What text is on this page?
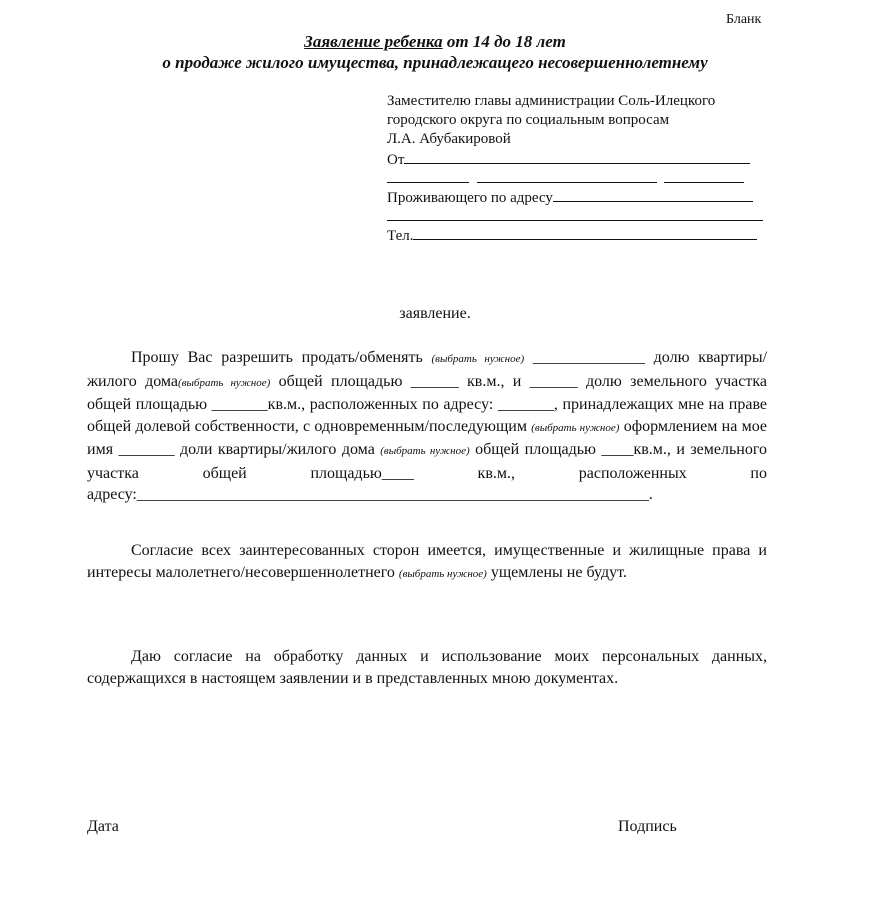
Бланк
Заявление ребенка от 14 до 18 лет
о продаже жилого имущества, принадлежащего несовершеннолетнему
Заместителю главы администрации Соль-Илецкого
городского округа по социальным вопросам
Л.А. Абубакировой
От

Проживающего по адресу
Тел.
заявление.
Прошу Вас разрешить продать/обменять (выбрать нужное) ______________ долю квартиры/жилого дома(выбрать нужное) общей площадью ______ кв.м., и ______ долю земельного участка общей площадью _______кв.м., расположенных по адресу: _______, принадлежащих мне на праве общей долевой собственности, с одновременным/последующим (выбрать нужное) оформлением на мое имя _______ доли квартиры/жилого дома (выбрать нужное) общей площадью ____кв.м., и земельного участка общей площадью____ кв.м., расположенных по адресу:________________________________________________________________.
Согласие всех заинтересованных сторон имеется, имущественные и жилищные права и интересы малолетнего/несовершеннолетнего (выбрать нужное) ущемлены не будут.
Даю согласие на обработку данных и использование моих персональных данных, содержащихся в настоящем заявлении и в представленных мною документах.
Дата	Подпись
